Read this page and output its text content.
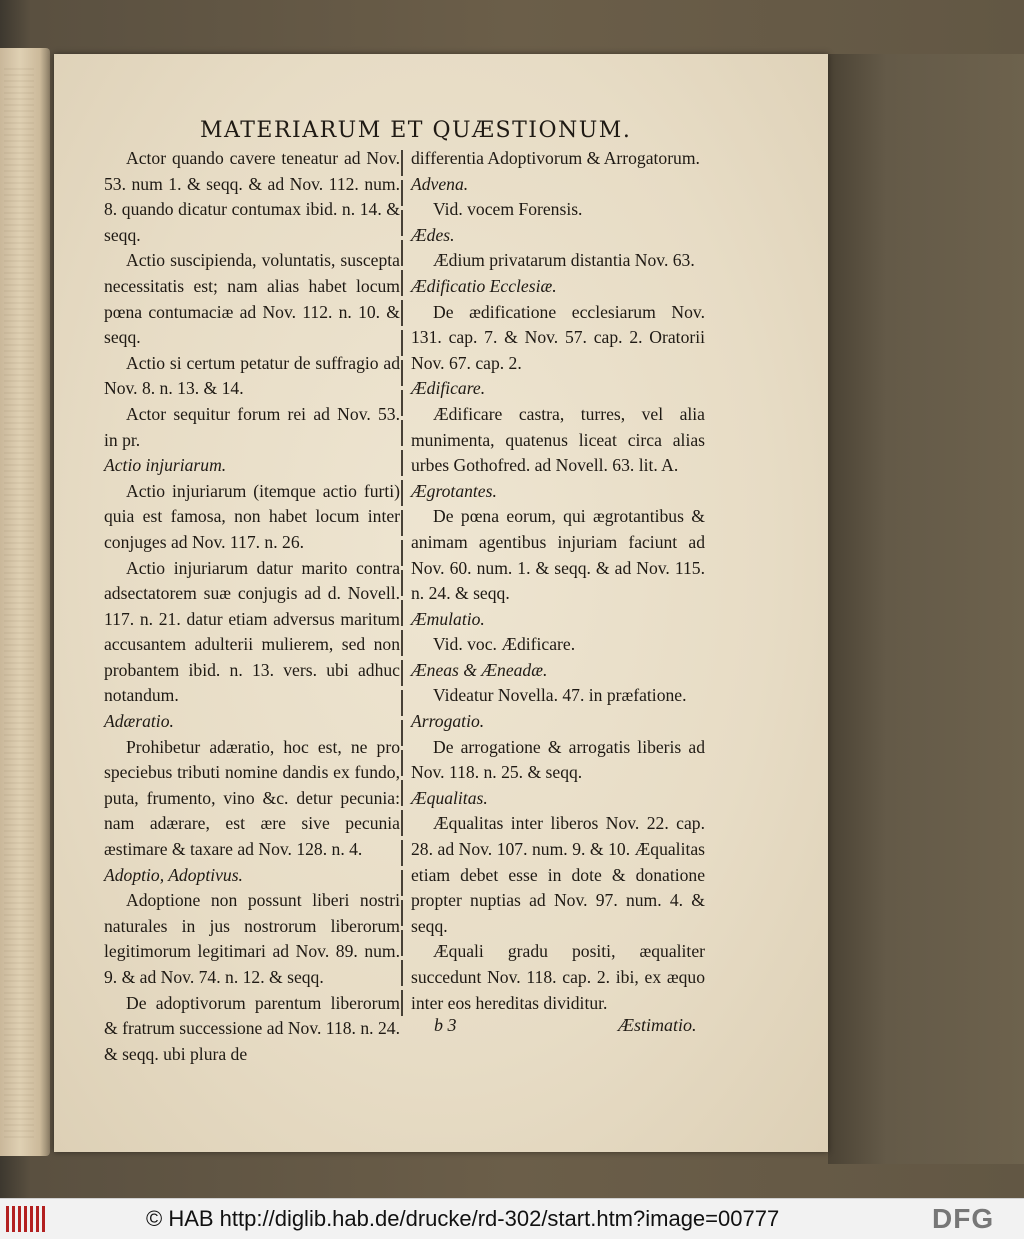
MATERIARUM ET QUÆSTIONUM.

Actor quando cavere teneatur ad Nov. 53. num 1. & seqq. & ad Nov. 112. num. 8. quando dicatur contumax ibid. n. 14. & seqq.

Actio suscipienda, voluntatis, suscepta necessitatis est; nam alias habet locum pœna contumaciæ ad Nov. 112. n. 10. & seqq.

Actio si certum petatur de suffragio ad Nov. 8. n. 13. & 14.

Actor sequitur forum rei ad Nov. 53. in pr.

Actio injuriarum.

Actio injuriarum (itemque actio furti) quia est famosa, non habet locum inter conjuges ad Nov. 117. n. 26.

Actio injuriarum datur marito contra adsectatorem suæ conjugis ad d. Novell. 117. n. 21. datur etiam adversus maritum accusantem adulterii mulierem, sed non probantem ibid. n. 13. vers. ubi adhuc notandum.

Adæratio.

Prohibetur adæratio, hoc est, ne pro speciebus tributi nomine dandis ex fundo, puta, frumento, vino &c. detur pecunia: nam adærare, est ære sive pecunia æstimare & taxare ad Nov. 128. n. 4.

Adoptio, Adoptivus.

Adoptione non possunt liberi nostri naturales in jus nostrorum liberorum legitimorum legitimari ad Nov. 89. num. 9. & ad Nov. 74. n. 12. & seqq.

De adoptivorum parentum liberorum & fratrum successione ad Nov. 118. n. 24. & seqq. ubi plura de

differentia Adoptivorum & Arrogatorum.

Advena.

Vid. vocem Forensis.

Ædes.

Ædium privatarum distantia Nov. 63.

Ædificatio Ecclesiæ.

De ædificatione ecclesiarum Nov. 131. cap. 7. & Nov. 57. cap. 2. Oratorii Nov. 67. cap. 2.

Ædificare.

Ædificare castra, turres, vel alia munimenta, quatenus liceat circa alias urbes Gothofred. ad Novell. 63. lit. A.

Ægrotantes.

De pœna eorum, qui ægrotantibus & animam agentibus injuriam faciunt ad Nov. 60. num. 1. & seqq. & ad Nov. 115. n. 24. & seqq.

Æmulatio.

Vid. voc. Ædificare.

Æneas & Æneadæ.

Videatur Novella. 47. in præfatione.

Arrogatio.

De arrogatione & arrogatis liberis ad Nov. 118. n. 25. & seqq.

Æqualitas.

Æqualitas inter liberos Nov. 22. cap. 28. ad Nov. 107. num. 9. & 10. Æqualitas etiam debet esse in dote & donatione propter nuptias ad Nov. 97. num. 4. & seqq.

Æquali gradu positi, æqualiter succedunt Nov. 118. cap. 2. ibi, ex æquo inter eos hereditas dividitur.

b 3	Æstimatio.
© HAB http://diglib.hab.de/drucke/rd-302/start.htm?image=00777	DFG
